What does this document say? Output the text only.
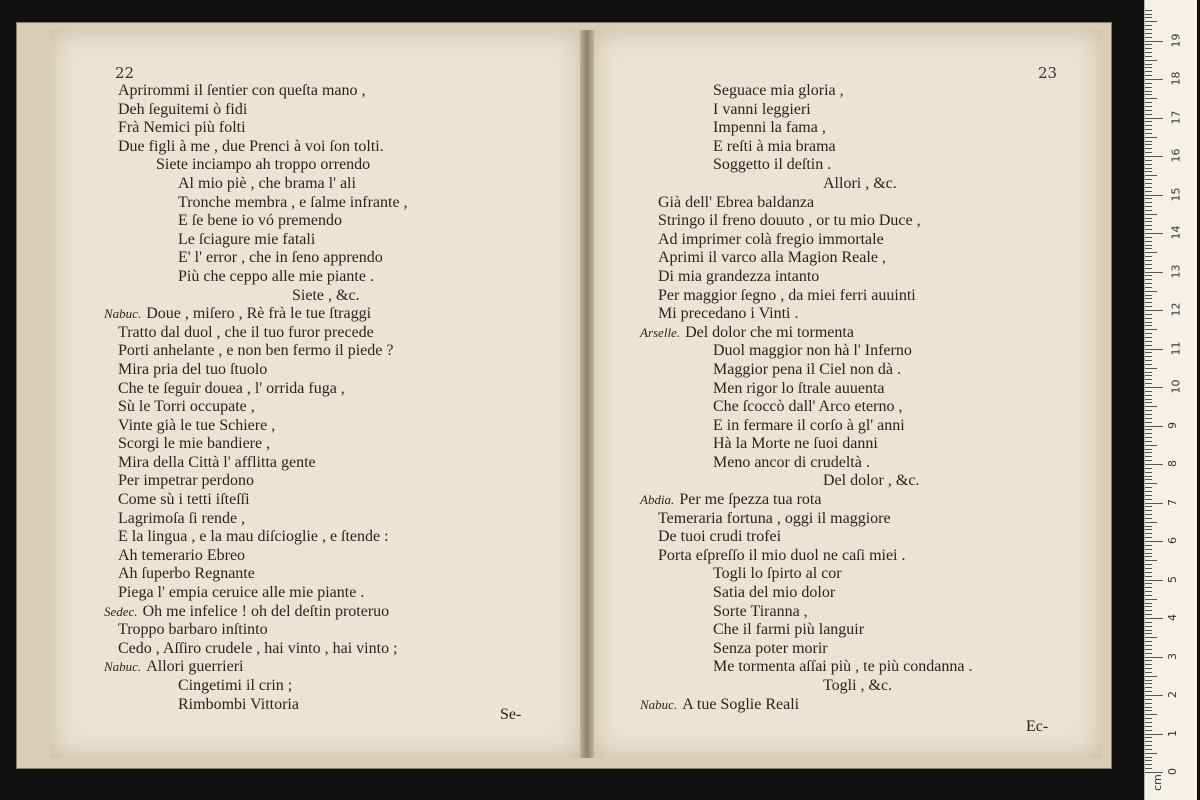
22	23
Aprirommi il ſentier con queſta mano ,
Deh ſeguitemi ò fidi
Frà Nemici più folti
Due figli à me , due Prenci à voi ſon tolti.
Siete inciampo ah troppo orrendo
Al mio piè , che brama l' ali
Tronche membra , e ſalme infrante ,
E ſe bene io vó premendo
Le ſciagure mie fatali
E' l' error , che in ſeno apprendo
Più che ceppo alle mie piante .
Siete , &c.
Nabuc. Doue , miſero , Rè frà le tue ſtraggi
Tratto dal duol , che il tuo furor precede
Porti anhelante , e non ben fermo il piede ?
Mira pria del tuo ſtuolo
Che te ſeguir douea , l' orrida fuga ,
Sù le Torri occupate ,
Vinte già le tue Schiere ,
Scorgi le mie bandiere ,
Mira della Città l' afflitta gente
Per impetrar perdono
Come sù i tetti iſteſſi
Lagrimoſa ſi rende ,
E la lingua , e la mau diſcioglie , e ſtende :
Ah temerario Ebreo
Ah ſuperbo Regnante
Piega l' empia ceruice alle mie piante .
Sedec. Oh me infelice ! oh del deſtin proteruo
Troppo barbaro inſtinto
Cedo , Aſſiro crudele , hai vinto , hai vinto ;
Nabuc. Allori guerrieri
Cingetimi il crin ;
Rimbombi Vittoria
Seguace mia gloria ,
I vanni leggieri
Impenni la fama ,
E reſti à mia brama
Soggetto il deſtin .
Allori , &c.
Già dell' Ebrea baldanza
Stringo il freno douuto , or tu mio Duce ,
Ad imprimer colà fregio immortale
Aprimi il varco alla Magion Reale ,
Di mia grandezza intanto
Per maggior ſegno , da miei ferri auuinti
Mi precedano i Vinti .
Arselle. Del dolor che mi tormenta
Duol maggior non hà l' Inferno
Maggior pena il Ciel non dà .
Men rigor lo ſtrale auuenta
Che ſcoccò dall' Arco eterno ,
E in fermare il corſo à gl' anni
Hà la Morte ne ſuoi danni
Meno ancor di crudeltà .
Del dolor , &c.
Abdia. Per me ſpezza tua rota
Temeraria fortuna , oggi il maggiore
De tuoi crudi trofei
Porta eſpreſſo il mio duol ne caſi miei .
Togli lo ſpirto al cor
Satia del mio dolor
Sorte Tiranna ,
Che il farmi più languir
Senza poter morir
Me tormenta aſſai più , te più condanna .
Togli , &c.
Nabuc. A tue Soglie Reali
Se-
Ec-
0
1
2
3
4
5
6
7
8
9
10
11
12
13
14
15
16
17
18
19
cm
